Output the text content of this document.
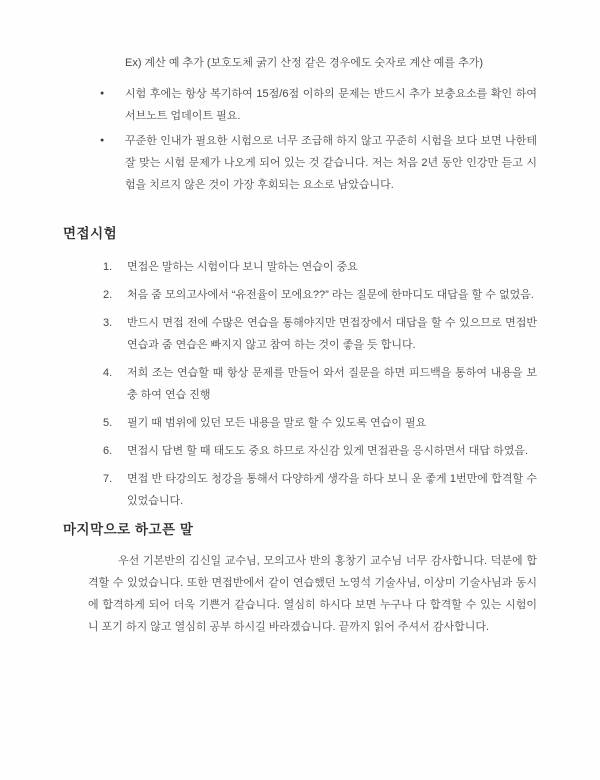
Ex) 계산 예 추가 (보호도체 굵기 산정 같은 경우에도 숫자로 계산 예를 추가)
●	시험 후에는 항상 복기하여 15점/6점 이하의 문제는 반드시 추가 보충요소를 확인 하여 서브노트 업데이트 필요.
●	꾸준한 인내가 필요한 시험으로 너무 조급해 하지 않고 꾸준히 시험을 보다 보면 나한테 잘 맞는 시험 문제가 나오게 되어 있는 것 같습니다. 저는 처음 2년 동안 인강만 듣고 시험을 치르지 않은 것이 가장 후회되는 요소로 남았습니다.
면접시험
1.	면접은 말하는 시험이다 보니 말하는 연습이 중요
2.	처음 줌 모의고사에서 “유전율이 모에요??” 라는 질문에 한마디도 대답을 할 수 없었음.
3.	반드시 면접 전에 수많은 연습을 통해야지만 면접장에서 대답을 할 수 있으므로 면접반 연습과 줌 연습은 빠지지 않고 참여 하는 것이 좋을 듯 합니다.
4.	저희 조는 연습할 때 항상 문제를 만들어 와서 질문을 하면 피드백을 통하여 내용을 보충 하여 연습 진행
5.	필기 때 범위에 있던 모든 내용을 말로 할 수 있도록 연습이 필요
6.	면접시 답변 할 때 태도도 중요 하므로 자신감 있게 면접관을 응시하면서 대답 하였음.
7.	면접 반 타강의도 청강을 통해서 다양하게 생각을 하다 보니 운 좋게 1번만에 합격할 수 있었습니다.
마지막으로 하고픈 말

우선 기본반의 김신일 교수님, 모의고사 반의 홍창기 교수님 너무 감사합니다. 덕분에 합격할 수 있었습니다. 또한 면접반에서 같이 연습했던 노영석 기술사님, 이상미 기술사님과 동시에 합격하게 되어 더욱 기쁜거 같습니다. 열심히 하시다 보면 누구나 다 합격할 수 있는 시험이니 포기 하지 않고 열심히 공부 하시길 바라겠습니다. 끝까지 읽어 주셔서 감사합니다.
